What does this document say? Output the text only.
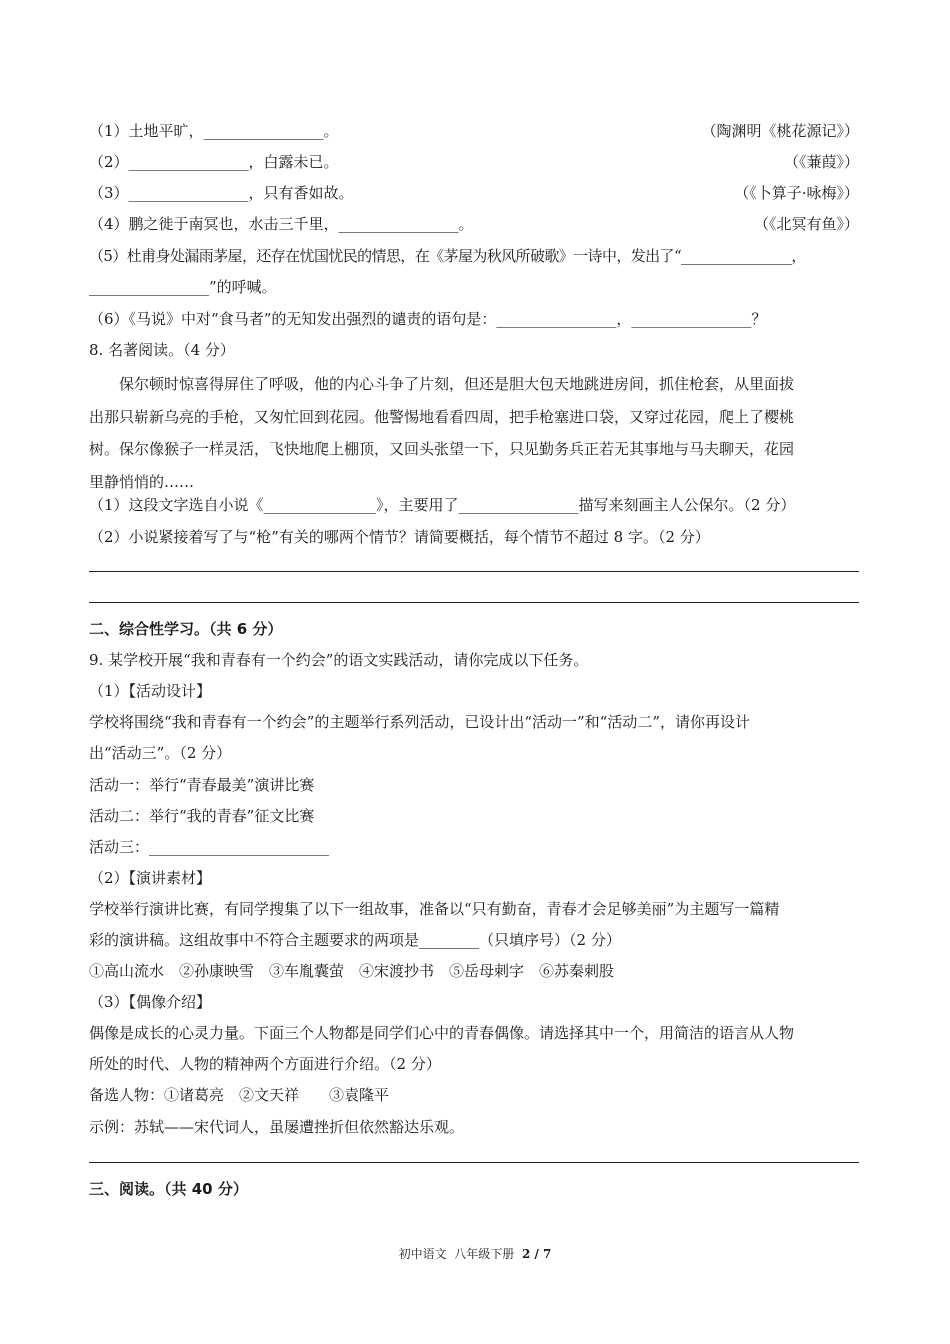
（1）土地平旷，________________。	（陶渊明《桃花源记》）
（2）________________，白露未已。	（《蒹葭》）
（3）________________，只有香如故。	（《卜算子·咏梅》）
（4）鹏之徙于南冥也，水击三千里，________________。	（《北冥有鱼》）
（5）杜甫身处漏雨茅屋，还存在忧国忧民的情思，在《茅屋为秋风所破歌》一诗中，发出了“________________，
________________”的呼喊。
（6）《马说》中对“食马者”的无知发出强烈的谴责的语句是：________________，________________？
8. 名著阅读。（4 分）
保尔顿时惊喜得屏住了呼吸，他的内心斗争了片刻，但还是胆大包天地跳进房间，抓住枪套，从里面拔
出那只崭新乌亮的手枪，又匆忙回到花园。他警惕地看看四周，把手枪塞进口袋，又穿过花园，爬上了樱桃
树。保尔像猴子一样灵活，飞快地爬上棚顶，又回头张望一下，只见勤务兵正若无其事地与马夫聊天，花园
里静悄悄的……
（1）这段文字选自小说《_______________》，主要用了________________描写来刻画主人公保尔。（2 分）
（2）小说紧接着写了与“枪”有关的哪两个情节？请简要概括，每个情节不超过 8 字。（2 分）
二、综合性学习。（共 6 分）
9. 某学校开展“我和青春有一个约会”的语文实践活动，请你完成以下任务。
（1）【活动设计】
学校将围绕“我和青春有一个约会”的主题举行系列活动，已设计出“活动一”和“活动二”，请你再设计
出“活动三”。（2 分）
活动一：举行“青春最美”演讲比赛
活动二：举行“我的青春”征文比赛
活动三：________________________
（2）【演讲素材】
学校举行演讲比赛，有同学搜集了以下一组故事，准备以“只有勤奋，青春才会足够美丽”为主题写一篇精
彩的演讲稿。这组故事中不符合主题要求的两项是________（只填序号）（2 分）
①高山流水　②孙康映雪　③车胤囊萤　④宋渡抄书　⑤岳母刺字　⑥苏秦刺股
（3）【偶像介绍】
偶像是成长的心灵力量。下面三个人物都是同学们心中的青春偶像。请选择其中一个，用简洁的语言从人物
所处的时代、人物的精神两个方面进行介绍。（2 分）
备选人物：①诸葛亮　②文天祥　　③袁隆平
示例：苏轼——宋代词人，虽屡遭挫折但依然豁达乐观。
三、阅读。（共 40 分）
初中语文 八年级下册 2 / 7
